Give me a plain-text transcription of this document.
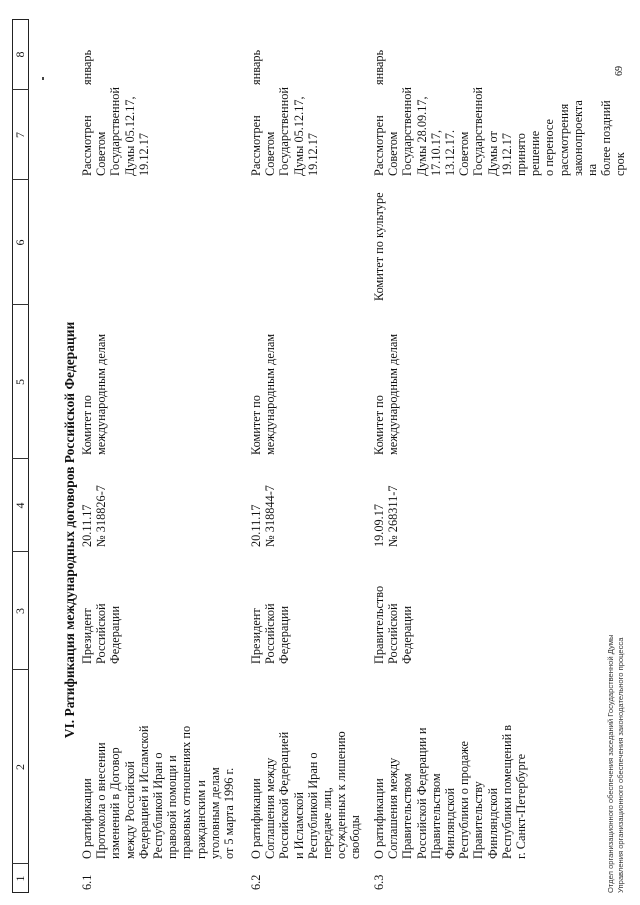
1
2
3
4
5
6
7
8
VI. Ратификация международных договоров Российской Федерации
6.1
О ратификации
Протокола о внесении
изменений в Договор
между Российской
Федерацией и Исламской
Республикой Иран о
правовой помощи и
правовых отношениях по
гражданским и
уголовным делам
от 5 марта 1996 г.
Президент Российской
Федерации
20.11.17
№ 318826-7
Комитет по
международным делам
Рассмотрен
Советом
Государственной
Думы 05.12.17,
19.12.17
январь
6.2
О ратификации
Соглашения между
Российской Федерацией
и Исламской
Республикой Иран о
передаче лиц,
осужденных к лишению
свободы
Президент Российской
Федерации
20.11.17
№ 318844-7
Комитет по
международным делам
Рассмотрен
Советом
Государственной
Думы 05.12.17,
19.12.17
январь
6.3
О ратификации
Соглашения между
Правительством
Российской Федерации и
Правительством
Финляндской
Республики о продаже
Правительству
Финляндской
Республики помещений в
г. Санкт-Петербурге
Правительство
Российской Федерации
19.09.17
№ 268311-7
Комитет по
международным делам
Комитет по культуре
Рассмотрен
Советом
Государственной
Думы 28.09.17,
17.10.17, 13.12.17.
Советом
Государственной
Думы от 19.12.17
принято решение
о переносе
рассмотрения
законопроекта на
более поздний
срок
январь
Отдел организационного обеспечения заседаний Государственной Думы Управления организационного обеспечения законодательного процесса
69
